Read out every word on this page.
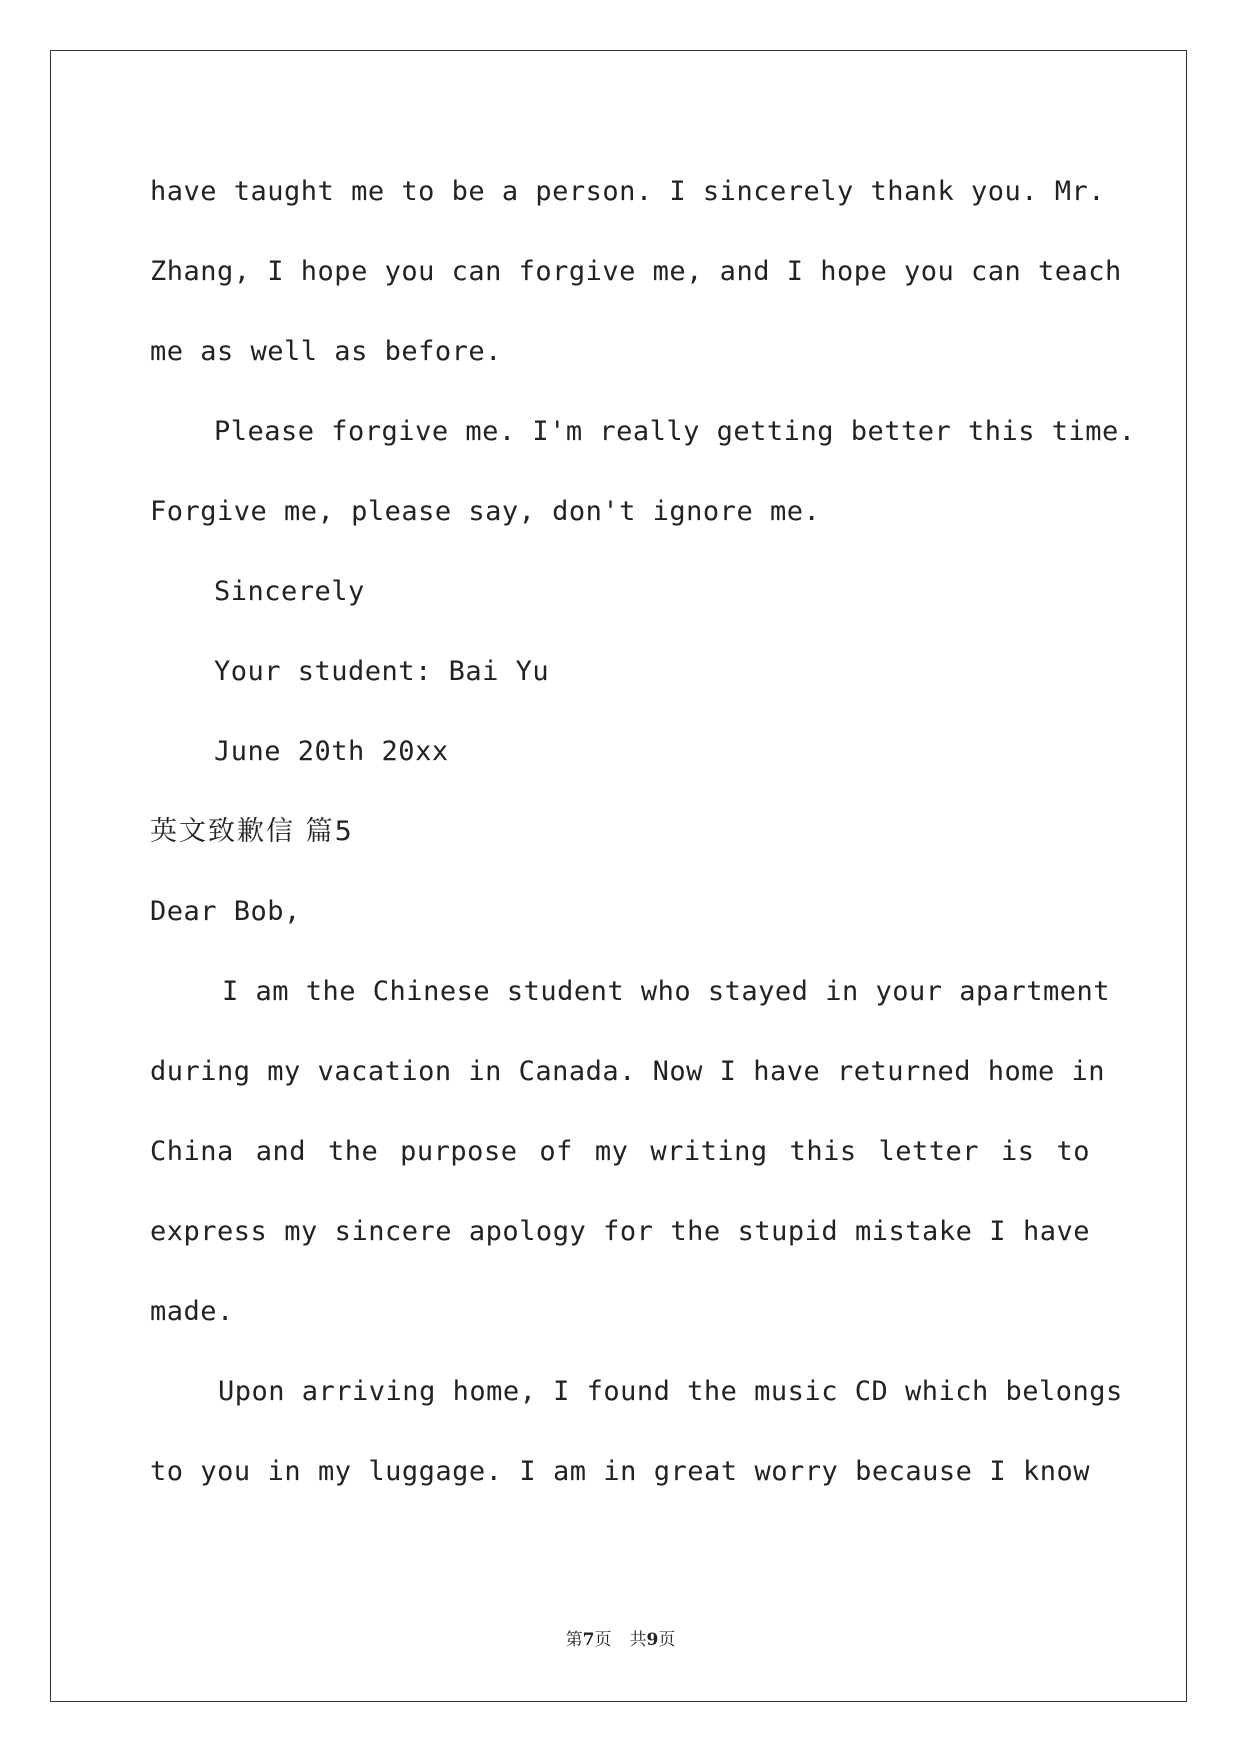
have taught me to be a person. I sincerely thank you. Mr.
Zhang, I hope you can forgive me, and I hope you can teach
me as well as before.
Please forgive me. I'm really getting better this time.
Forgive me, please say, don't ignore me.
Sincerely
Your student: Bai Yu
June 20th 20xx
英文致歉信 篇5
Dear Bob,
I am the Chinese student who stayed in your apartment
during my vacation in Canada. Now I have returned home in
China and the purpose of my writing this letter is to
express my sincere apology for the stupid mistake I have
made.
Upon arriving home, I found the music CD which belongs
to you in my luggage. I am in great worry because I know
第7页 共9页
